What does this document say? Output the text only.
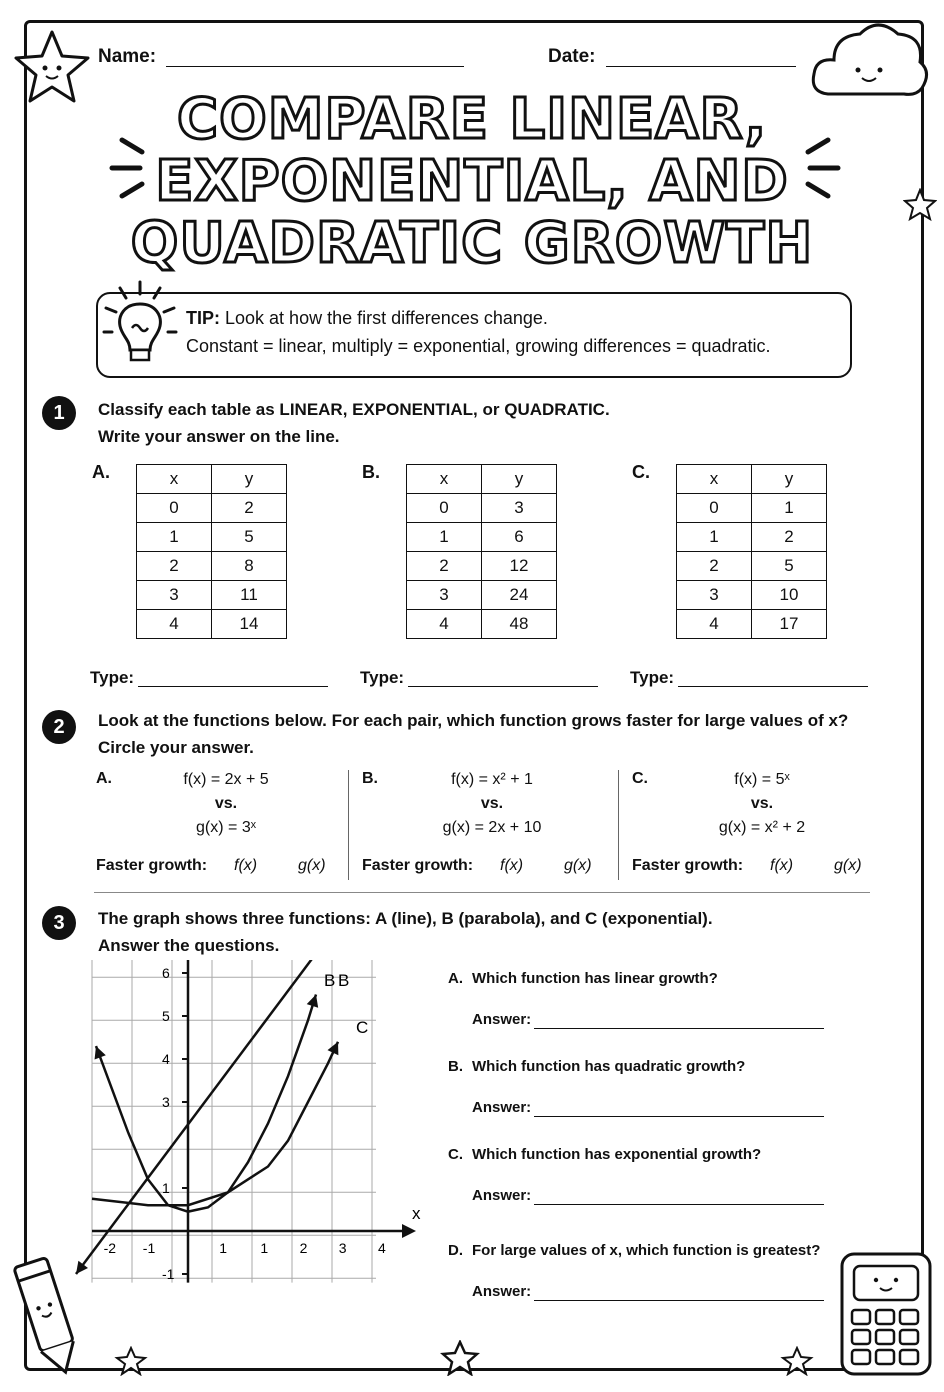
Name:	Date:
COMPARE LINEAR,
EXPONENTIAL, AND
QUADRATIC GROWTH
TIP: Look at how the first differences change.
Constant = linear, multiply = exponential, growing differences = quadratic.
1	Classify each table as LINEAR, EXPONENTIAL, or QUADRATIC.
Write your answer on the line.
A.	x	y
0	2
1	5
2	8
3	11
4	14
Type:
B.	x	y
0	3
1	6
2	12
3	24
4	48
Type:
C.	x	y
0	1
1	2
2	5
3	10
4	17
Type:
2	Look at the functions below. For each pair, which function grows faster for large values of x?
Circle your answer.
A.	f(x) = 2x + 5
vs.
g(x) = 3ˣ
Faster growth: f(x)	g(x)
B.	f(x) = x² + 1
vs.
g(x) = 2x + 10
Faster growth: f(x)	g(x)
C.	f(x) = 5ˣ
vs.
g(x) = x² + 2
Faster growth: f(x)	g(x)
3	The graph shows three functions: A (line), B (parabola), and C (exponential).
Answer the questions.
x
-2 -1	1 1 2 3 4
6
5
4
3
1
-1
B B
C
A. Which function has linear growth?
Answer:
B. Which function has quadratic growth?
Answer:
C. Which function has exponential growth?
Answer:
D. For large values of x, which function is greatest?
Answer:
